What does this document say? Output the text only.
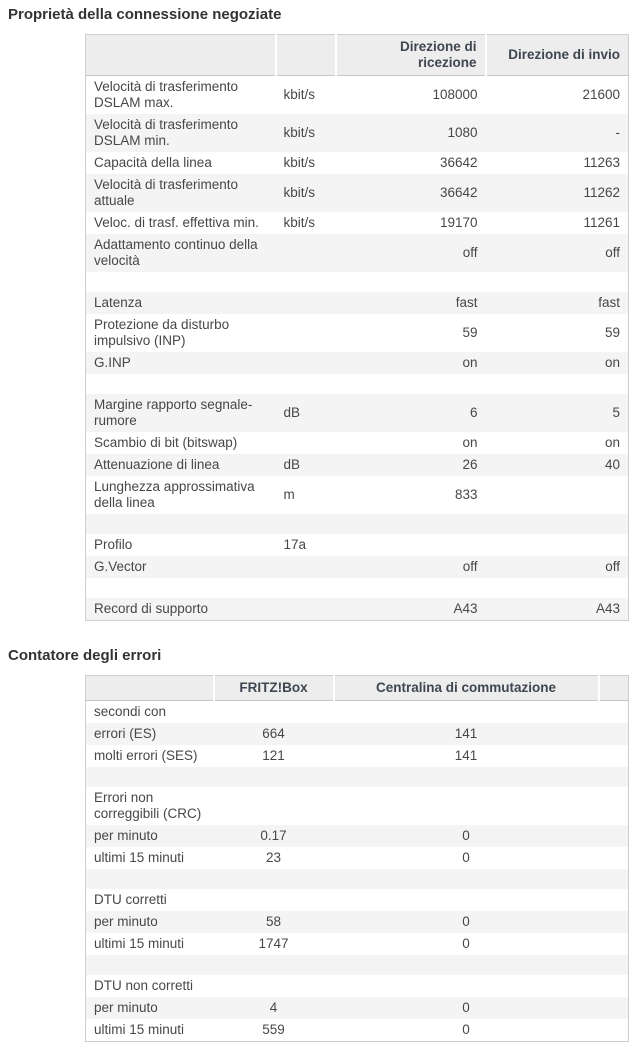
Proprietà della connessione negoziate
		Direzione di ricezione	Direzione di invio
Velocità di trasferimento DSLAM max.	kbit/s	108000	21600
Velocità di trasferimento DSLAM min.	kbit/s	1080	-
Capacità della linea	kbit/s	36642	11263
Velocità di trasferimento attuale	kbit/s	36642	11262
Veloc. di trasf. effettiva min.	kbit/s	19170	11261
Adattamento continuo della velocità		off	off

Latenza		fast	fast
Protezione da disturbo impulsivo (INP)		59	59
G.INP		on	on

Margine rapporto segnale-rumore	dB	6	5
Scambio di bit (bitswap)		on	on
Attenuazione di linea	dB	26	40
Lunghezza approssimativa della linea	m	833	

Profilo	17a		
G.Vector		off	off

Record di supporto		A43	A43
Contatore degli errori
	FRITZ!Box	Centralina di commutazione	
secondi con			
errori (ES)	664	141	
molti errori (SES)	121	141	

Errori non correggibili (CRC)			
per minuto	0.17	0	
ultimi 15 minuti	23	0	

DTU corretti			
per minuto	58	0	
ultimi 15 minuti	1747	0	

DTU non corretti			
per minuto	4	0	
ultimi 15 minuti	559	0	
